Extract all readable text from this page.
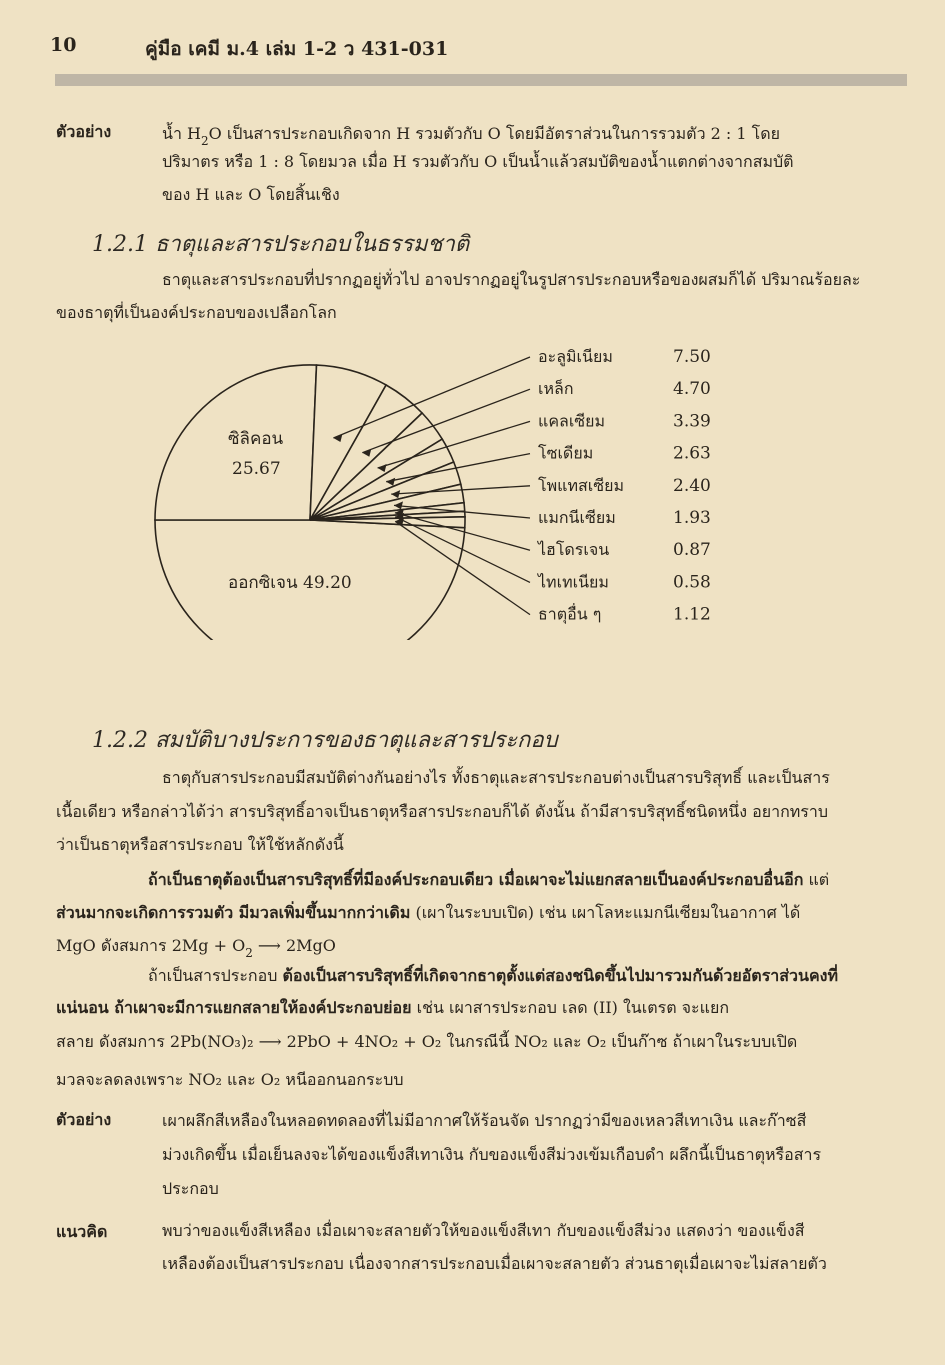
10	คู่มือ เคมี ม.4 เล่ม 1-2 ว 431-031
ตัวอย่าง	น้ำ $H_2O$ เป็นสารประกอบเกิดจาก H รวมตัวกับ O โดยมีอัตราส่วนในการรวมตัว 2 : 1 โดย
ปริมาตร หรือ 1 : 8 โดยมวล เมื่อ H รวมตัวกับ O เป็นน้ำแล้วสมบัติของน้ำแตกต่างจากสมบัติ
ของ H และ O โดยสิ้นเชิง
1.2.1 ธาตุและสารประกอบในธรรมชาติ
ธาตุและสารประกอบที่ปรากฏอยู่ทั่วไป อาจปรากฏอยู่ในรูปสารประกอบหรือของผสมก็ได้ ปริมาณร้อยละ
ของธาตุที่เป็นองค์ประกอบของเปลือกโลก
ซิลิคอน
25.67
ออกซิเจน 49.20
อะลูมิเนียม	7.50
เหล็ก	4.70
แคลเซียม	3.39
โซเดียม	2.63
โพแทสเซียม	2.40
แมกนีเซียม	1.93
ไฮโดรเจน	0.87
ไทเทเนียม	0.58
ธาตุอื่น ๆ	1.12
1.2.2 สมบัติบางประการของธาตุและสารประกอบ
ธาตุกับสารประกอบมีสมบัติต่างกันอย่างไร ทั้งธาตุและสารประกอบต่างเป็นสารบริสุทธิ์ และเป็นสาร
เนื้อเดียว หรือกล่าวได้ว่า สารบริสุทธิ์อาจเป็นธาตุหรือสารประกอบก็ได้ ดังนั้น ถ้ามีสารบริสุทธิ์ชนิดหนึ่ง อยากทราบ
ว่าเป็นธาตุหรือสารประกอบ ให้ใช้หลักดังนี้
ถ้าเป็นธาตุต้องเป็นสารบริสุทธิ์ที่มีองค์ประกอบเดียว เมื่อเผาจะไม่แยกสลายเป็นองค์ประกอบอื่นอีก แต่
ส่วนมากจะเกิดการรวมตัว มีมวลเพิ่มขึ้นมากกว่าเดิม (เผาในระบบเปิด) เช่น เผาโลหะแมกนีเซียมในอากาศ ได้
MgO ดังสมการ $2Mg + O_2$ ⟶ 2MgO
ถ้าเป็นสารประกอบ ต้องเป็นสารบริสุทธิ์ที่เกิดจากธาตุตั้งแต่สองชนิดขึ้นไปมารวมกันด้วยอัตราส่วนคงที่
แน่นอน ถ้าเผาจะมีการแยกสลายให้องค์ประกอบย่อย เช่น เผาสารประกอบ เลด (II) ในเตรต จะแยก
สลาย ดังสมการ 2Pb(NO₃)₂ ⟶ 2PbO + 4NO₂ + O₂ ในกรณีนี้ NO₂ และ O₂ เป็นก๊าซ ถ้าเผาในระบบเปิด
มวลจะลดลงเพราะ NO₂ และ O₂ หนีออกนอกระบบ
ตัวอย่าง	เผาผลึกสีเหลืองในหลอดทดลองที่ไม่มีอากาศให้ร้อนจัด ปรากฏว่ามีของเหลวสีเทาเงิน และก๊าซสี
ม่วงเกิดขึ้น เมื่อเย็นลงจะได้ของแข็งสีเทาเงิน กับของแข็งสีม่วงเข้มเกือบดำ ผลึกนี้เป็นธาตุหรือสาร
ประกอบ
แนวคิด	พบว่าของแข็งสีเหลือง เมื่อเผาจะสลายตัวให้ของแข็งสีเทา กับของแข็งสีม่วง แสดงว่า ของแข็งสี
เหลืองต้องเป็นสารประกอบ เนื่องจากสารประกอบเมื่อเผาจะสลายตัว ส่วนธาตุเมื่อเผาจะไม่สลายตัว
